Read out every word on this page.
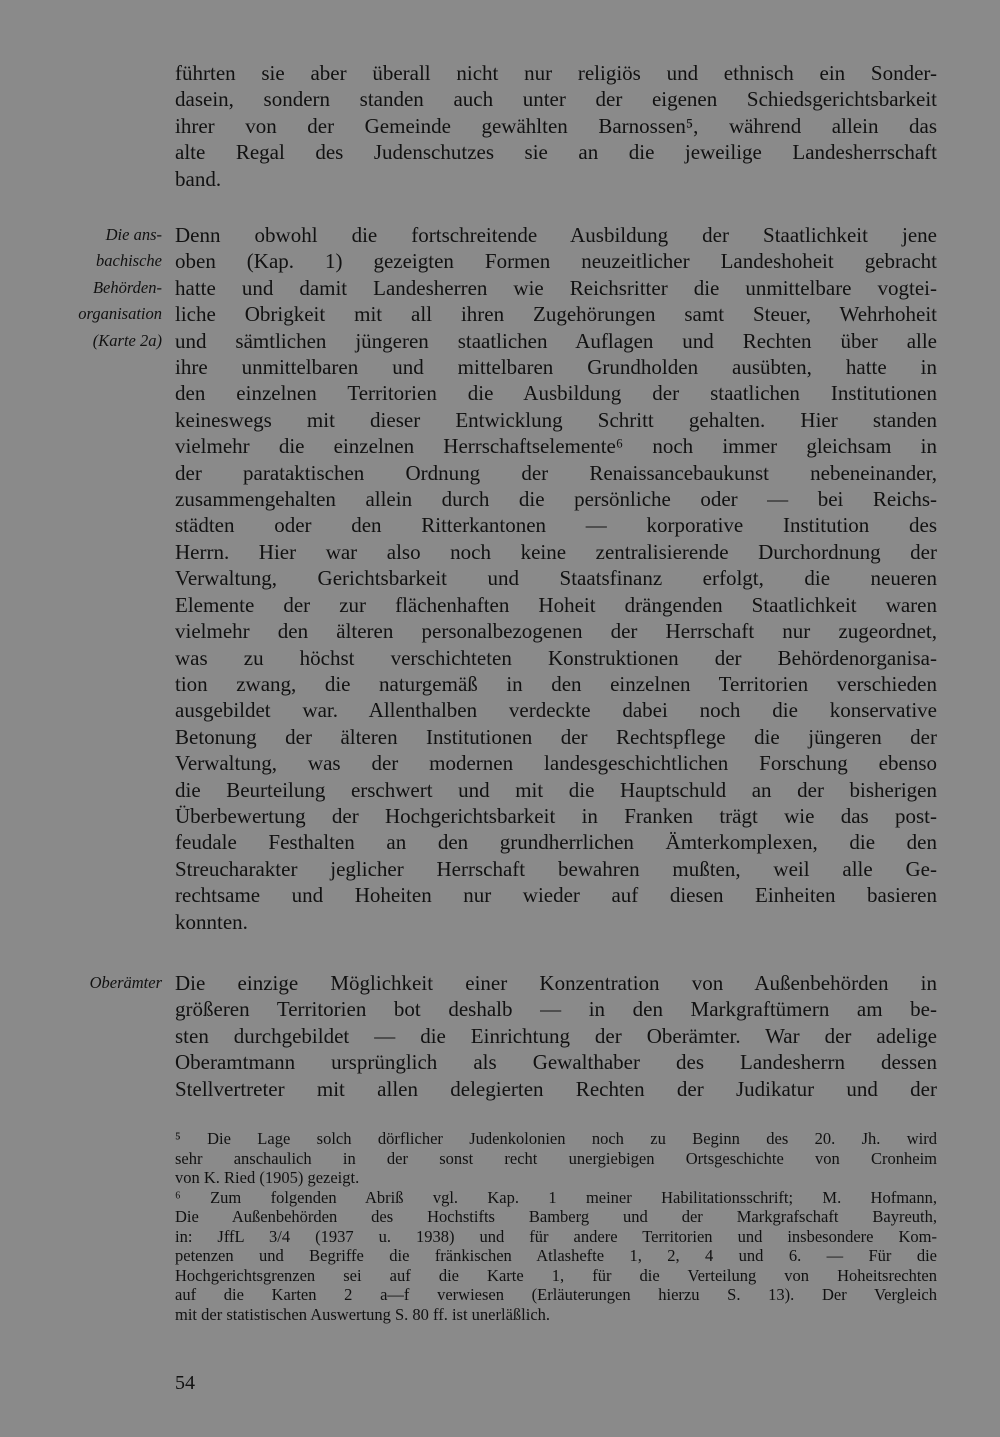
führten sie aber überall nicht nur religiös und ethnisch ein Sonder-
dasein, sondern standen auch unter der eigenen Schiedsgerichtsbarkeit
ihrer von der Gemeinde gewählten Barnossen⁵, während allein das
alte Regal des Judenschutzes sie an die jeweilige Landesherrschaft
band.
Die ans-
bachische
Behörden-
organisation
(Karte 2a)
Denn obwohl die fortschreitende Ausbildung der Staatlichkeit jene
oben (Kap. 1) gezeigten Formen neuzeitlicher Landeshoheit gebracht
hatte und damit Landesherren wie Reichsritter die unmittelbare vogtei-
liche Obrigkeit mit all ihren Zugehörungen samt Steuer, Wehrhoheit
und sämtlichen jüngeren staatlichen Auflagen und Rechten über alle
ihre unmittelbaren und mittelbaren Grundholden ausübten, hatte in
den einzelnen Territorien die Ausbildung der staatlichen Institutionen
keineswegs mit dieser Entwicklung Schritt gehalten. Hier standen
vielmehr die einzelnen Herrschaftselemente⁶ noch immer gleichsam in
der parataktischen Ordnung der Renaissancebaukunst nebeneinander,
zusammengehalten allein durch die persönliche oder — bei Reichs-
städten oder den Ritterkantonen — korporative Institution des
Herrn. Hier war also noch keine zentralisierende Durchordnung der
Verwaltung, Gerichtsbarkeit und Staatsfinanz erfolgt, die neueren
Elemente der zur flächenhaften Hoheit drängenden Staatlichkeit waren
vielmehr den älteren personalbezogenen der Herrschaft nur zugeordnet,
was zu höchst verschichteten Konstruktionen der Behördenorganisa-
tion zwang, die naturgemäß in den einzelnen Territorien verschieden
ausgebildet war. Allenthalben verdeckte dabei noch die konservative
Betonung der älteren Institutionen der Rechtspflege die jüngeren der
Verwaltung, was der modernen landesgeschichtlichen Forschung ebenso
die Beurteilung erschwert und mit die Hauptschuld an der bisherigen
Überbewertung der Hochgerichtsbarkeit in Franken trägt wie das post-
feudale Festhalten an den grundherrlichen Ämterkomplexen, die den
Streucharakter jeglicher Herrschaft bewahren mußten, weil alle Ge-
rechtsame und Hoheiten nur wieder auf diesen Einheiten basieren
konnten.
Oberämter Die einzige Möglichkeit einer Konzentration von Außenbehörden in
größeren Territorien bot deshalb — in den Markgraftümern am be-
sten durchgebildet — die Einrichtung der Oberämter. War der adelige
Oberamtmann ursprünglich als Gewalthaber des Landesherrn dessen
Stellvertreter mit allen delegierten Rechten der Judikatur und der
⁵ Die Lage solch dörflicher Judenkolonien noch zu Beginn des 20. Jh. wird
sehr anschaulich in der sonst recht unergiebigen Ortsgeschichte von Cronheim
von K. Ried (1905) gezeigt.
⁶ Zum folgenden Abriß vgl. Kap. 1 meiner Habilitationsschrift; M. Hofmann,
Die Außenbehörden des Hochstifts Bamberg und der Markgrafschaft Bayreuth,
in: JffL 3/4 (1937 u. 1938) und für andere Territorien und insbesondere Kom-
petenzen und Begriffe die fränkischen Atlashefte 1, 2, 4 und 6. — Für die
Hochgerichtsgrenzen sei auf die Karte 1, für die Verteilung von Hoheitsrechten
auf die Karten 2 a—f verwiesen (Erläuterungen hierzu S. 13). Der Vergleich
mit der statistischen Auswertung S. 80 ff. ist unerläßlich.
54
